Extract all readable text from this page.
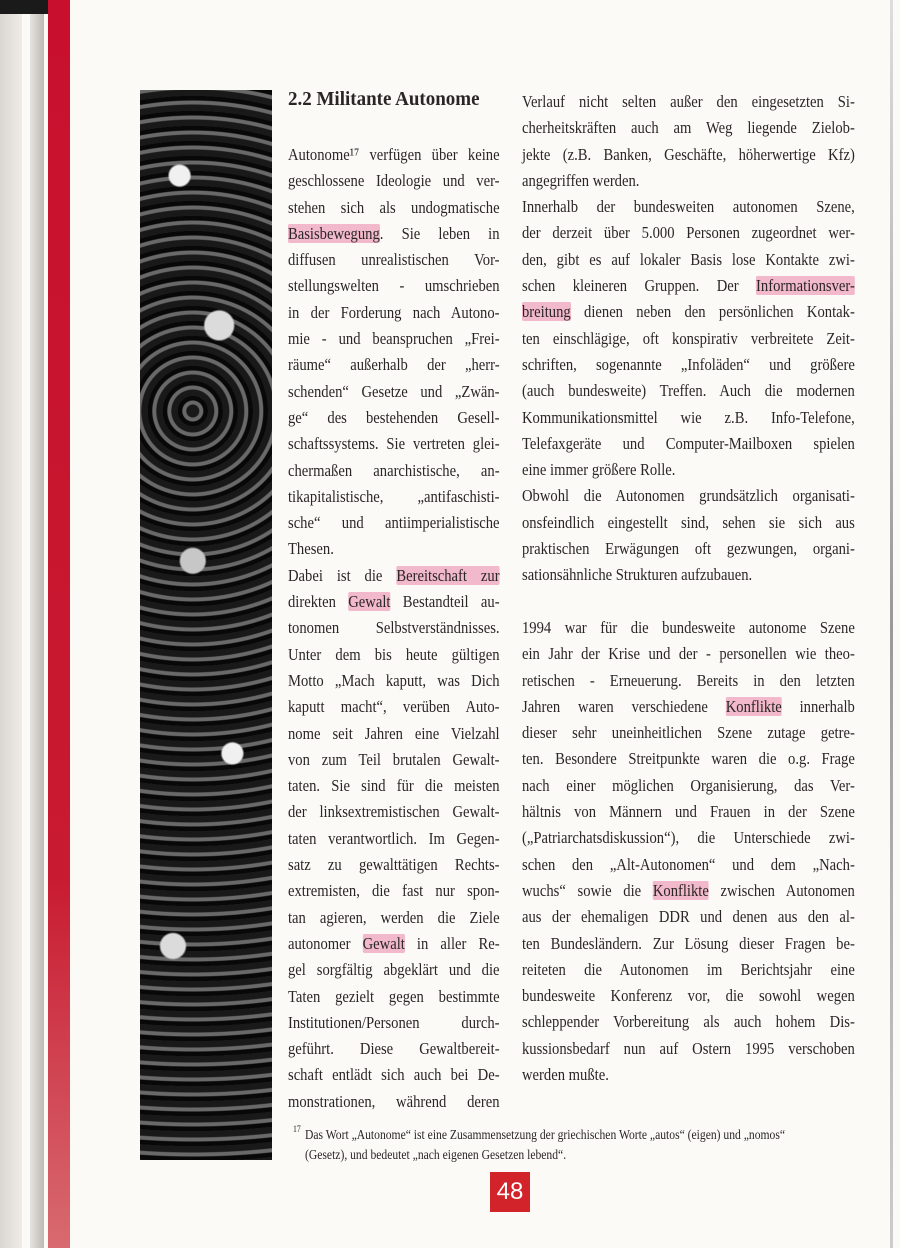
2.2 Militante Autonome
Autonome¹⁷ verfügen über keine
geschlossene Ideologie und ver-
stehen sich als undogmatische
Basisbewegung. Sie leben in
diffusen unrealistischen Vor-
stellungswelten - umschrieben
in der Forderung nach Autono-
mie - und beanspruchen „Frei-
räume“ außerhalb der „herr-
schenden“ Gesetze und „Zwän-
ge“ des bestehenden Gesell-
schaftssystems. Sie vertreten glei-
chermaßen anarchistische, an-
tikapitalistische, „antifaschisti-
sche“ und antiimperialistische
Thesen.
Dabei ist die Bereitschaft zur
direkten Gewalt Bestandteil au-
tonomen Selbstverständnisses.
Unter dem bis heute gültigen
Motto „Mach kaputt, was Dich
kaputt macht“, verüben Auto-
nome seit Jahren eine Vielzahl
von zum Teil brutalen Gewalt-
taten. Sie sind für die meisten
der linksextremistischen Gewalt-
taten verantwortlich. Im Gegen-
satz zu gewalttätigen Rechts-
extremisten, die fast nur spon-
tan agieren, werden die Ziele
autonomer Gewalt in aller Re-
gel sorgfältig abgeklärt und die
Taten gezielt gegen bestimmte
Institutionen/Personen durch-
geführt. Diese Gewaltbereit-
schaft entlädt sich auch bei De-
monstrationen, während deren
Verlauf nicht selten außer den eingesetzten Si-
cherheitskräften auch am Weg liegende Zielob-
jekte (z.B. Banken, Geschäfte, höherwertige Kfz)
angegriffen werden.
Innerhalb der bundesweiten autonomen Szene,
der derzeit über 5.000 Personen zugeordnet wer-
den, gibt es auf lokaler Basis lose Kontakte zwi-
schen kleineren Gruppen. Der Informationsver-
breitung dienen neben den persönlichen Kontak-
ten einschlägige, oft konspirativ verbreitete Zeit-
schriften, sogenannte „Infoläden“ und größere
(auch bundesweite) Treffen. Auch die modernen
Kommunikationsmittel wie z.B. Info-Telefone,
Telefaxgeräte und Computer-Mailboxen spielen
eine immer größere Rolle.
Obwohl die Autonomen grundsätzlich organisati-
onsfeindlich eingestellt sind, sehen sie sich aus
praktischen Erwägungen oft gezwungen, organi-
sationsähnliche Strukturen aufzubauen.
1994 war für die bundesweite autonome Szene
ein Jahr der Krise und der - personellen wie theo-
retischen - Erneuerung. Bereits in den letzten
Jahren waren verschiedene Konflikte innerhalb
dieser sehr uneinheitlichen Szene zutage getre-
ten. Besondere Streitpunkte waren die o.g. Frage
nach einer möglichen Organisierung, das Ver-
hältnis von Männern und Frauen in der Szene
(„Patriarchatsdiskussion“), die Unterschiede zwi-
schen den „Alt-Autonomen“ und dem „Nach-
wuchs“ sowie die Konflikte zwischen Autonomen
aus der ehemaligen DDR und denen aus den al-
ten Bundesländern. Zur Lösung dieser Fragen be-
reiteten die Autonomen im Berichtsjahr eine
bundesweite Konferenz vor, die sowohl wegen
schleppender Vorbereitung als auch hohem Dis-
kussionsbedarf nun auf Ostern 1995 verschoben
werden mußte.
17 Das Wort „Autonome“ ist eine Zusammensetzung der griechischen Worte „autos“ (eigen) und „nomos“
(Gesetz), und bedeutet „nach eigenen Gesetzen lebend“.
48
